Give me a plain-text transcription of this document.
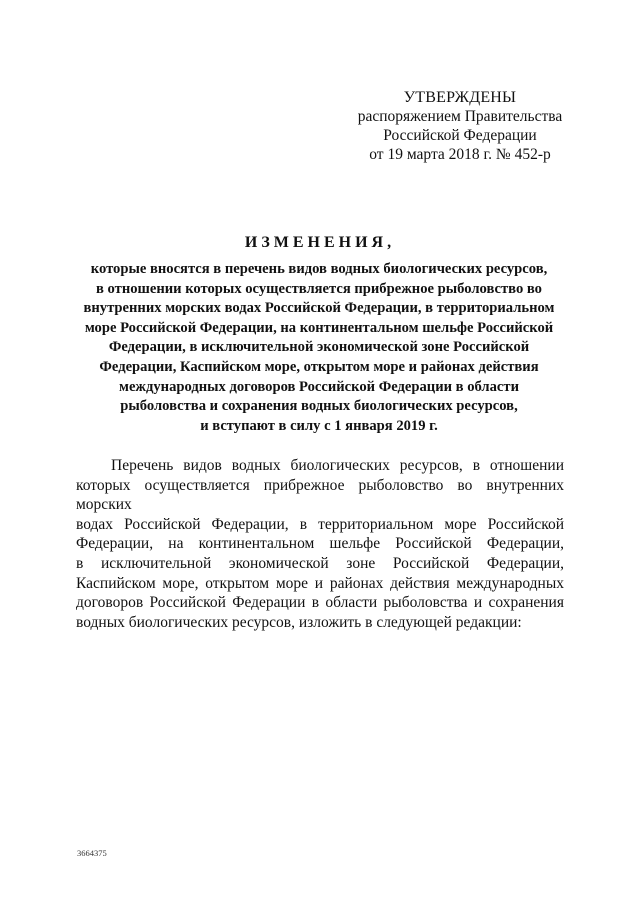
УТВЕРЖДЕНЫ
распоряжением Правительства
Российской Федерации
от 19 марта 2018 г. № 452-р
ИЗМЕНЕНИЯ,
которые вносятся в перечень видов водных биологических ресурсов,
в отношении которых осуществляется прибрежное рыболовство во
внутренних морских водах Российской Федерации, в территориальном
море Российской Федерации, на континентальном шельфе Российской
Федерации, в исключительной экономической зоне Российской
Федерации, Каспийском море, открытом море и районах действия
международных договоров Российской Федерации в области
рыболовства и сохранения водных биологических ресурсов,
и вступают в силу с 1 января 2019 г.
Перечень видов водных биологических ресурсов, в отношении
которых осуществляется прибрежное рыболовство во внутренних морских
водах Российской Федерации, в территориальном море Российской
Федерации, на континентальном шельфе Российской Федерации,
в исключительной экономической зоне Российской Федерации,
Каспийском море, открытом море и районах действия международных
договоров Российской Федерации в области рыболовства и сохранения
водных биологических ресурсов, изложить в следующей редакции:
3664375
